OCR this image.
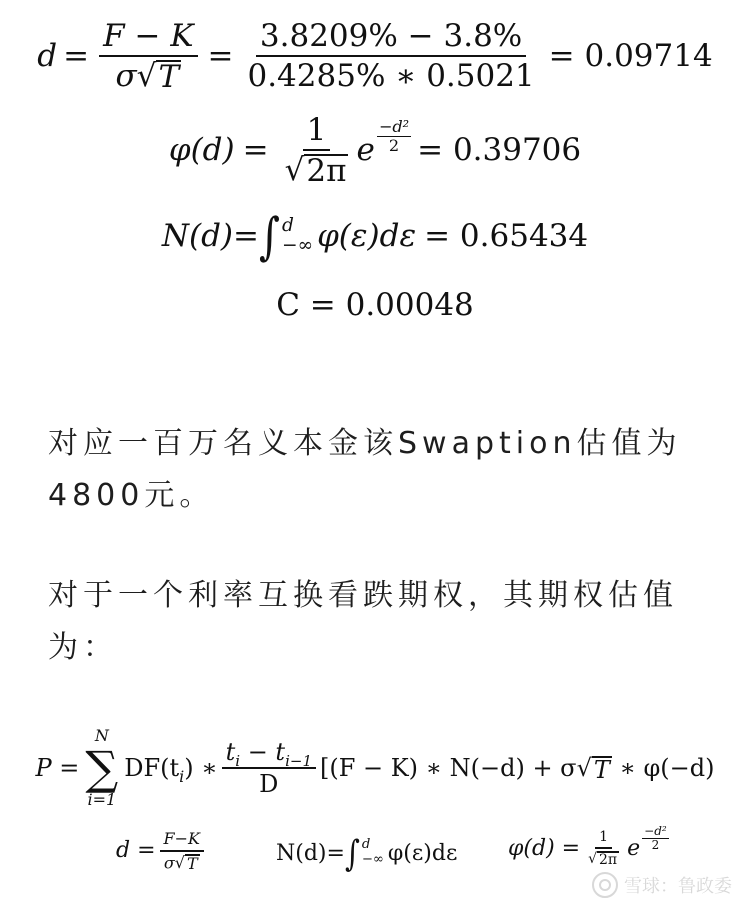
$d = \frac{F - K}{\sigma√ T} = \frac{3.8209\% - 3.8\%}{0.4285\% ∗ 0.5021} = 0.09714$
$\varphi(d) = \frac{1}{√ 2\pi}$ e $\frac{\text{−d²}}{2} = 0.39706$
N(d)= ∫ d
−∞ φ(ε)dε = 0.65434
C = 0.00048
对应一百万名义本金该Swaption估值为4800元。
对于一个利率互换看跌期权，其期权估值为：
P =
N
∑
i=1
$DF(t_i)$ ∗ $\frac{t_i - t_{i-1}}{D} [(F - K)$ ∗ N(−d) + σ√ T ∗ φ(−d)
$d = \frac{F-K}{\sigma√ T}$	N(d)= ∫ d
−∞ φ(ε)dε $\varphi(d) = \frac{1}{√ 2\pi}$ e $\frac{\text{−d²}}{2}$
雪球：鲁政委
